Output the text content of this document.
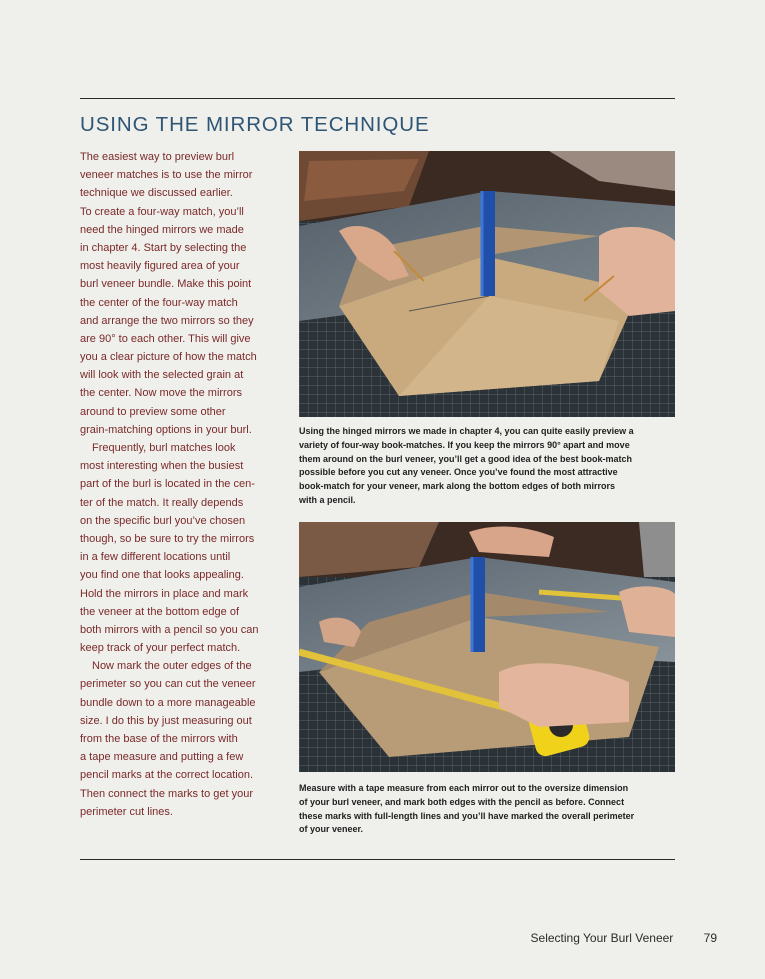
USING THE MIRROR TECHNIQUE
The easiest way to preview burl
veneer matches is to use the mirror
technique we discussed earlier.
To create a four-way match, you’ll
need the hinged mirrors we made
in chapter 4. Start by selecting the
most heavily figured area of your
burl veneer bundle. Make this point
the center of the four-way match
and arrange the two mirrors so they
are 90° to each other. This will give
you a clear picture of how the match
will look with the selected grain at
the center. Now move the mirrors
around to preview some other
grain-matching options in your burl.
Frequently, burl matches look
most interesting when the busiest
part of the burl is located in the cen-
ter of the match. It really depends
on the specific burl you’ve chosen
though, so be sure to try the mirrors
in a few different locations until
you find one that looks appealing.
Hold the mirrors in place and mark
the veneer at the bottom edge of
both mirrors with a pencil so you can
keep track of your perfect match.
Now mark the outer edges of the
perimeter so you can cut the veneer
bundle down to a more manageable
size. I do this by just measuring out
from the base of the mirrors with
a tape measure and putting a few
pencil marks at the correct location.
Then connect the marks to get your
perimeter cut lines.
Using the hinged mirrors we made in chapter 4, you can quite easily preview a
variety of four-way book-matches. If you keep the mirrors 90° apart and move
them around on the burl veneer, you’ll get a good idea of the best book-match
possible before you cut any veneer. Once you’ve found the most attractive
book-match for your veneer, mark along the bottom edges of both mirrors
with a pencil.
Measure with a tape measure from each mirror out to the oversize dimension
of your burl veneer, and mark both edges with the pencil as before. Connect
these marks with full-length lines and you’ll have marked the overall perimeter
of your veneer.
Selecting Your Burl Veneer	79
